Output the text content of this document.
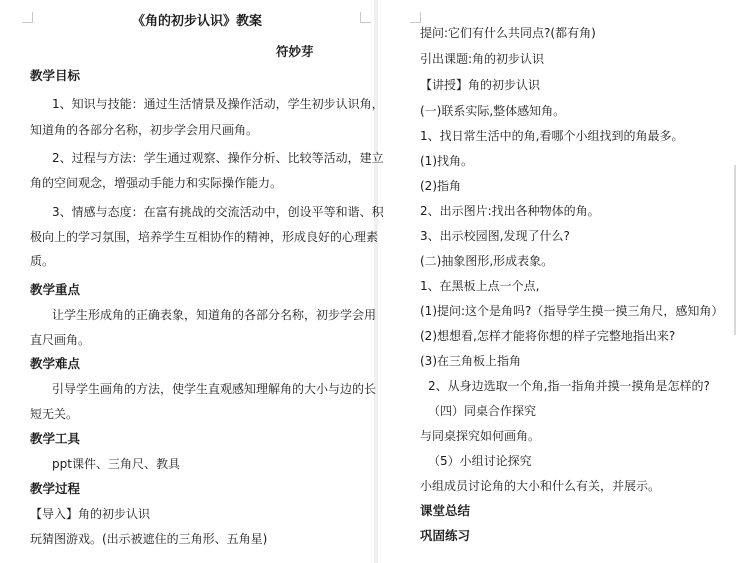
《角的初步认识》教案
符妙芽
教学目标
1、知识与技能：通过生活情景及操作活动，学生初步认识角，
知道角的各部分名称，初步学会用尺画角。
2、过程与方法：学生通过观察、操作分析、比较等活动，建立
角的空间观念，增强动手能力和实际操作能力。
3、情感与态度：在富有挑战的交流活动中，创设平等和谐、积
极向上的学习氛围，培养学生互相协作的精神，形成良好的心理素
质。
教学重点
让学生形成角的正确表象，知道角的各部分名称，初步学会用
直尺画角。
教学难点
引导学生画角的方法，使学生直观感知理解角的大小与边的长
短无关。
教学工具
ppt课件、三角尺、教具
教学过程
【导入】角的初步认识
玩猜图游戏。(出示被遮住的三角形、五角星)
提问:它们有什么共同点?(都有角)
引出课题:角的初步认识
【讲授】角的初步认识
(一)联系实际,整体感知角。
1、找日常生活中的角,看哪个小组找到的角最多。
(1)找角。
(2)指角
2、出示图片:找出各种物体的角。
3、出示校园图,发现了什么?
(二)抽象图形,形成表象。
1、在黑板上点一个点,
(1)提问:这个是角吗?（指导学生摸一摸三角尺，感知角）
(2)想想看,怎样才能将你想的样子完整地指出来?
(3)在三角板上指角
2、从身边选取一个角,指一指角并摸一摸角是怎样的?
（四）同桌合作探究
与同桌探究如何画角。
（5）小组讨论探究
小组成员讨论角的大小和什么有关，并展示。
课堂总结
巩固练习
